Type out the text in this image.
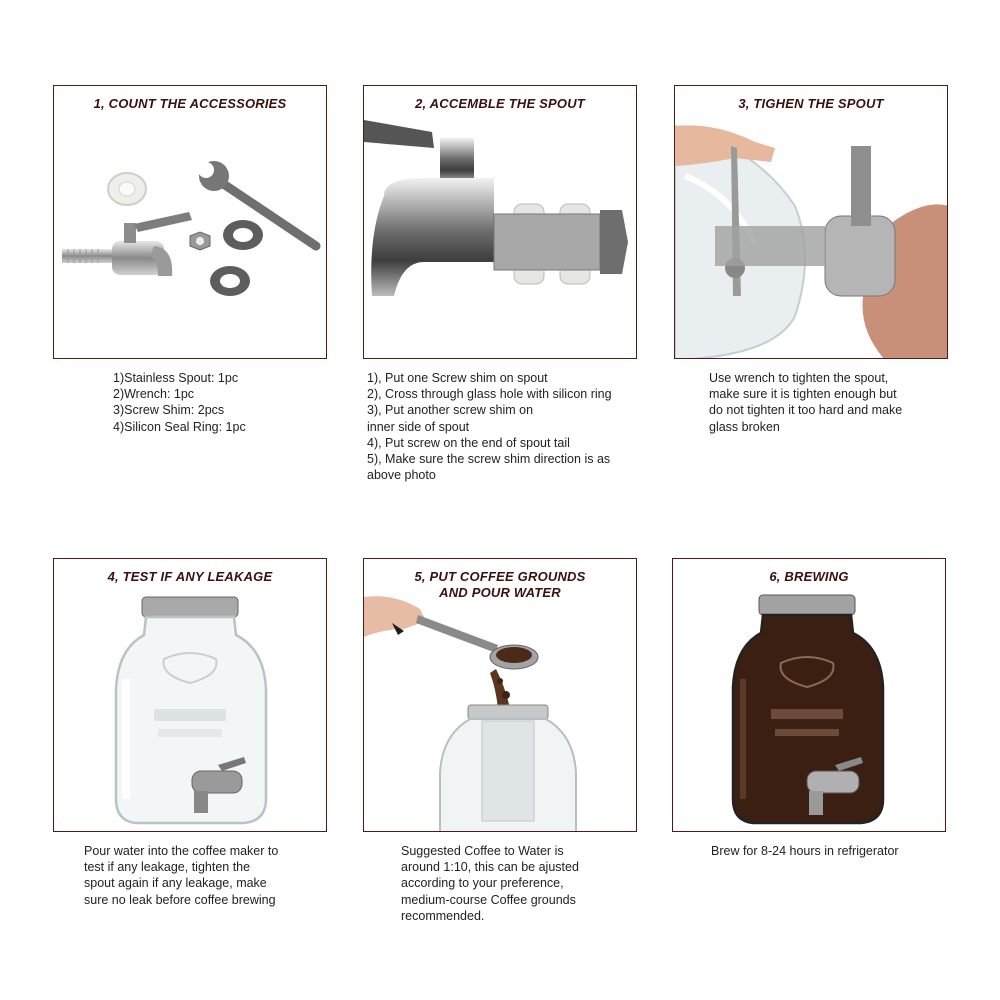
1, COUNT THE ACCESSORIES
1)Stainless Spout: 1pc
2)Wrench: 1pc
3)Screw Shim: 2pcs
4)Silicon Seal Ring: 1pc
2, ACCEMBLE THE SPOUT
1), Put one Screw shim on spout
2), Cross through glass hole with silicon ring
3), Put another screw shim on
inner side of spout
4), Put screw on the end of spout tail
5), Make sure the screw shim direction is as
above photo
3, TIGHEN THE SPOUT
Use wrench to tighten the spout,
make sure it is tighten enough but
do not tighten it too hard and make
glass broken
4, TEST IF ANY LEAKAGE
Pour water into the coffee maker to
test if any leakage, tighten the
spout again if any leakage, make
sure no leak before coffee brewing
5, PUT COFFEE GROUNDS
AND POUR WATER
Suggested Coffee to Water is
around 1:10, this can be ajusted
according to your preference,
medium-course Coffee grounds
recommended.
6, BREWING
Brew for 8-24 hours in refrigerator
